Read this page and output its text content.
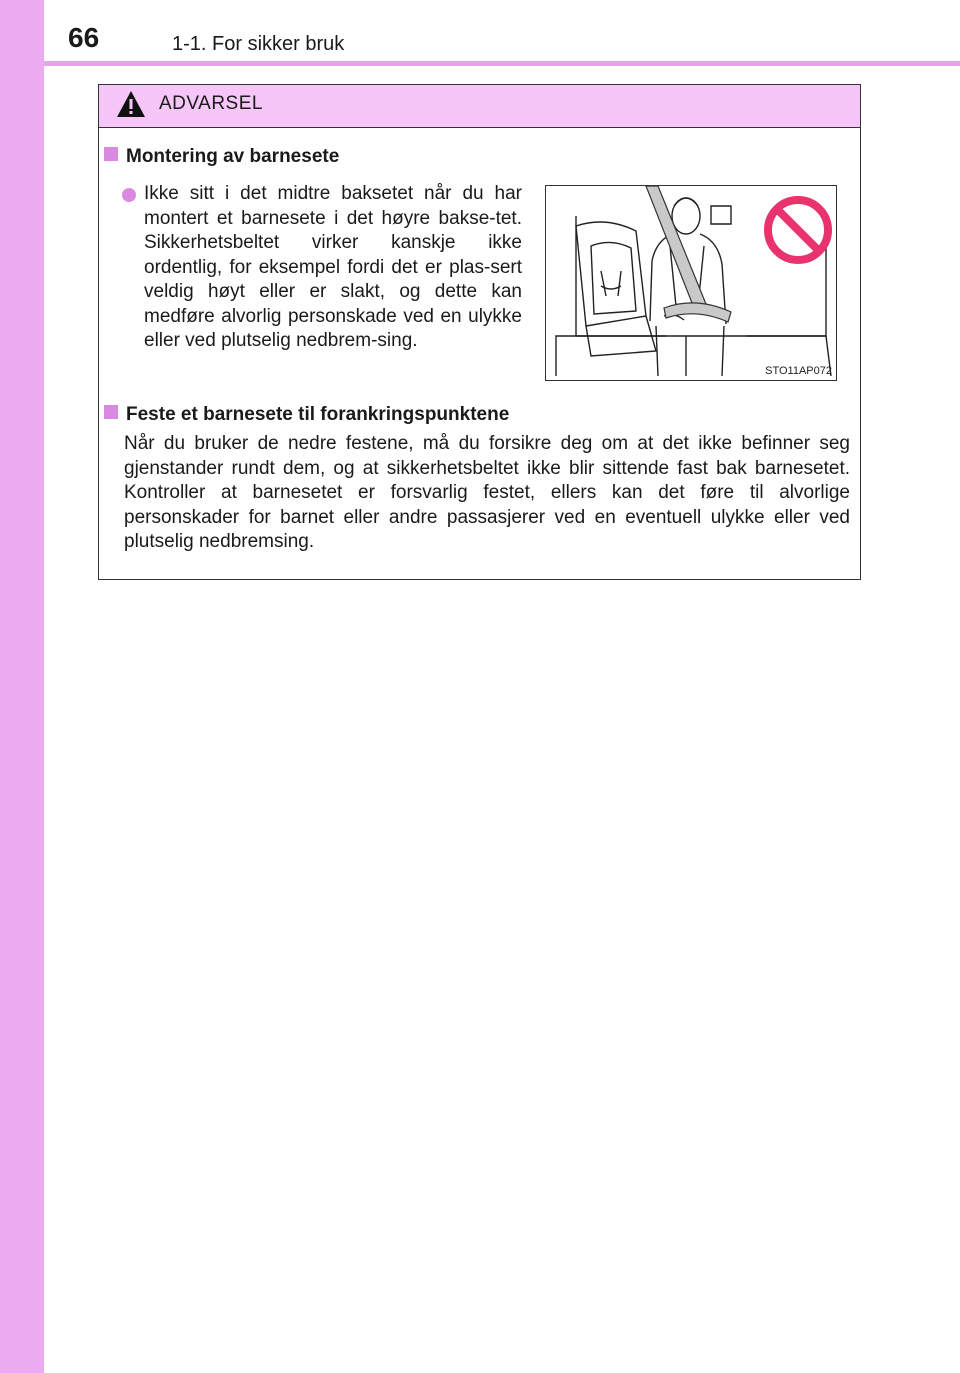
66	1-1. For sikker bruk
ADVARSEL
Montering av barnesete
Ikke sitt i det midtre baksetet når du har montert et barnesete i det høyre bakse-tet. Sikkerhetsbeltet virker kanskje ikke ordentlig, for eksempel fordi det er plas-sert veldig høyt eller er slakt, og dette kan medføre alvorlig personskade ved en ulykke eller ved plutselig nedbrem-sing.
STO11AP072
Feste et barnesete til forankringspunktene
Når du bruker de nedre festene, må du forsikre deg om at det ikke befinner seg gjenstander rundt dem, og at sikkerhetsbeltet ikke blir sittende fast bak barnesetet. Kontroller at barnesetet er forsvarlig festet, ellers kan det føre til alvorlige personskader for barnet eller andre passasjerer ved en eventuell ulykke eller ved plutselig nedbremsing.
